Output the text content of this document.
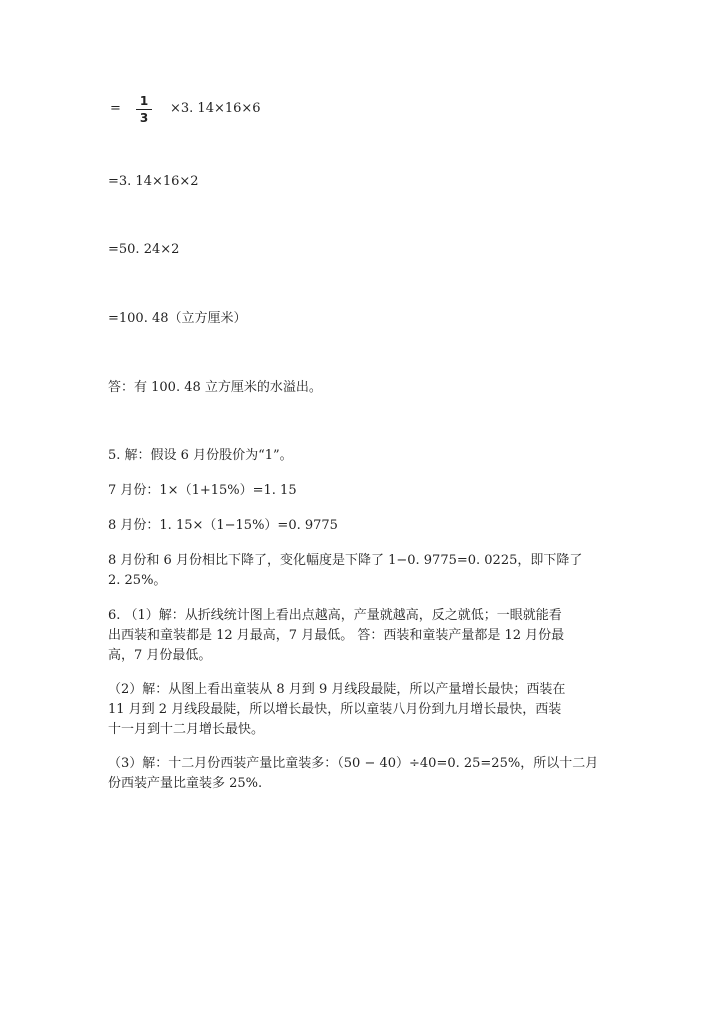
=	1
3
×3. 14×16×6
=3. 14×16×2
=50. 24×2
=100. 48（立方厘米）
答：有 100. 48 立方厘米的水溢出。
5. 解：假设 6 月份股价为“1”。
7 月份：1×（1+15%）=1. 15
8 月份：1. 15×（1−15%）=0. 9775
8 月份和 6 月份相比下降了，变化幅度是下降了 1−0. 9775=0. 0225，即下降了
2. 25%。
6. （1）解：从折线统计图上看出点越高，产量就越高，反之就低；一眼就能看
出西装和童装都是 12 月最高，7 月最低。 答：西装和童装产量都是 12 月份最
高，7 月份最低。
（2）解：从图上看出童装从 8 月到 9 月线段最陡，所以产量增长最快；西装在
11 月到 2 月线段最陡，所以增长最快，所以童装八月份到九月增长最快，西装
十一月到十二月增长最快。
（3）解：十二月份西装产量比童装多：（50 − 40）÷40=0. 25=25%，所以十二月
份西装产量比童装多 25%.
